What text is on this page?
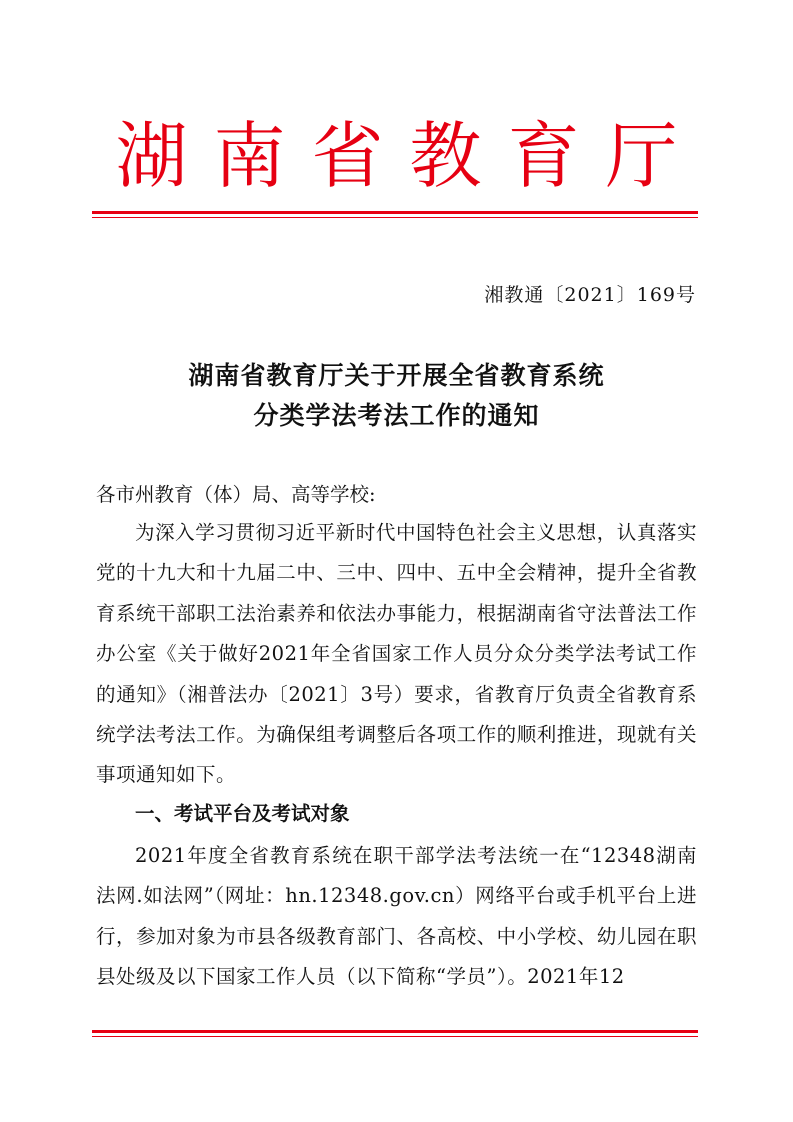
湖南省教育厅
湘教通〔2021〕169号
湖南省教育厅关于开展全省教育系统
分类学法考法工作的通知
各市州教育（体）局、高等学校:
为深入学习贯彻习近平新时代中国特色社会主义思想，认真落实党的十九大和十九届二中、三中、四中、五中全会精神，提升全省教育系统干部职工法治素养和依法办事能力，根据湖南省守法普法工作办公室《关于做好2021年全省国家工作人员分众分类学法考试工作的通知》（湘普法办〔2021〕3号）要求，省教育厅负责全省教育系统学法考法工作。为确保组考调整后各项工作的顺利推进，现就有关事项通知如下。
一、考试平台及考试对象
2021年度全省教育系统在职干部学法考法统一在“12348湖南法网.如法网”（网址：hn.12348.gov.cn）网络平台或手机平台上进行，参加对象为市县各级教育部门、各高校、中小学校、幼儿园在职县处级及以下国家工作人员（以下简称“学员”）。2021年12
